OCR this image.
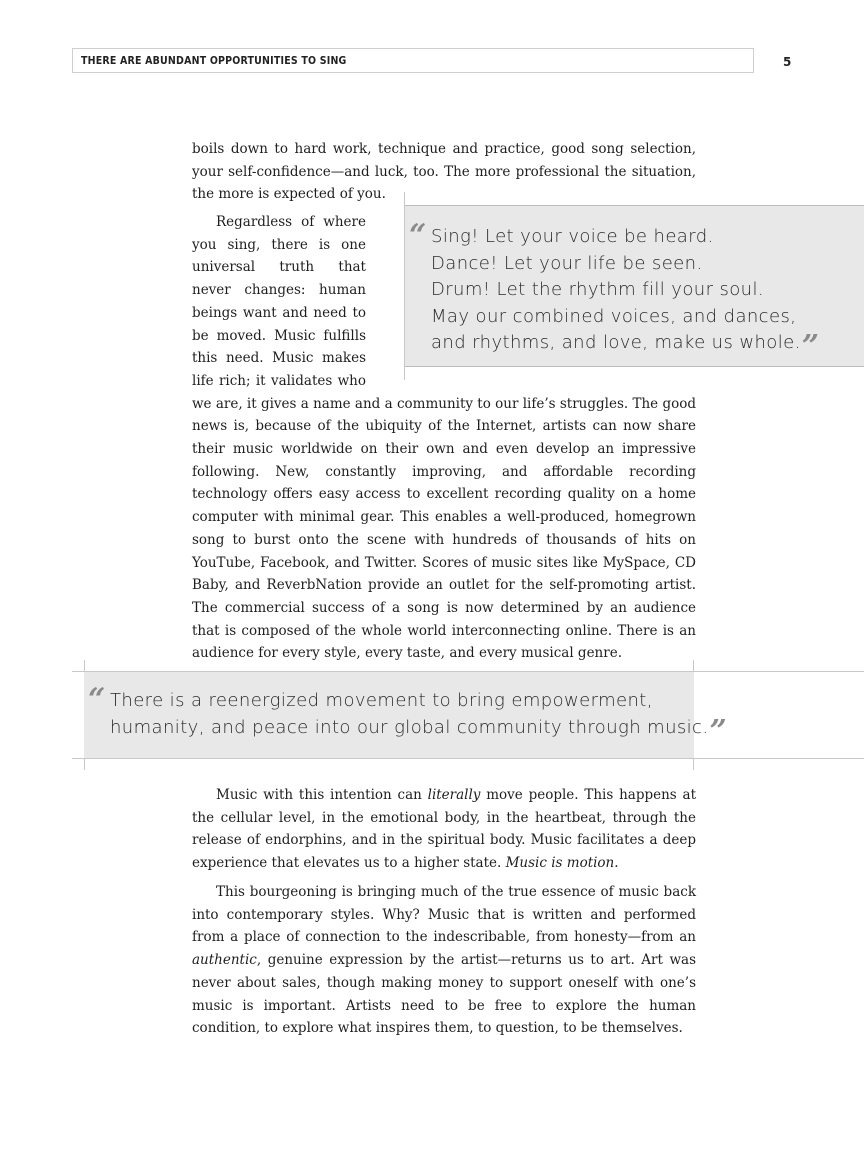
THERE ARE ABUNDANT OPPORTUNITIES TO SING	5

boils down to hard work, technique and practice, good song selection, your self-confidence—and luck, too. The more professional the situation, the more is expected of you.

Regardless of where you sing, there is one universal truth that never changes: human beings want and need to be moved. Music fulfills this need. Music makes life rich; it validates who we are, it gives a name and a community to our life’s struggles. The good news is, because of the ubiquity of the Internet, artists can now share their music worldwide on their own and even develop an impressive following. New, constantly improving, and affordable recording technology offers easy access to excellent recording quality on a home computer with minimal gear. This enables a well-produced, homegrown song to burst onto the scene with hundreds of thousands of hits on YouTube, Facebook, and Twitter. Scores of music sites like MySpace, CD Baby, and ReverbNation provide an outlet for the self-promoting artist. The commercial success of a song is now determined by an audience that is composed of the whole world interconnecting online. There is an audience for every style, every taste, and every musical genre.

“ Sing! Let your voice be heard.
Dance! Let your life be seen.
Drum! Let the rhythm fill your soul.
May our combined voices, and dances,
and rhythms, and love, make us whole.”
“ There is a reenergized movement to bring empowerment,
humanity, and peace into our global community through music.”

Music with this intention can literally move people. This happens at the cellular level, in the emotional body, in the heartbeat, through the release of endorphins, and in the spiritual body. Music facilitates a deep experience that elevates us to a higher state. Music is motion.

This bourgeoning is bringing much of the true essence of music back into contemporary styles. Why? Music that is written and performed from a place of connection to the indescribable, from honesty—from an authentic, genuine expression by the artist—returns us to art. Art was never about sales, though making money to support oneself with one’s music is important. Artists need to be free to explore the human condition, to explore what inspires them, to question, to be themselves.
